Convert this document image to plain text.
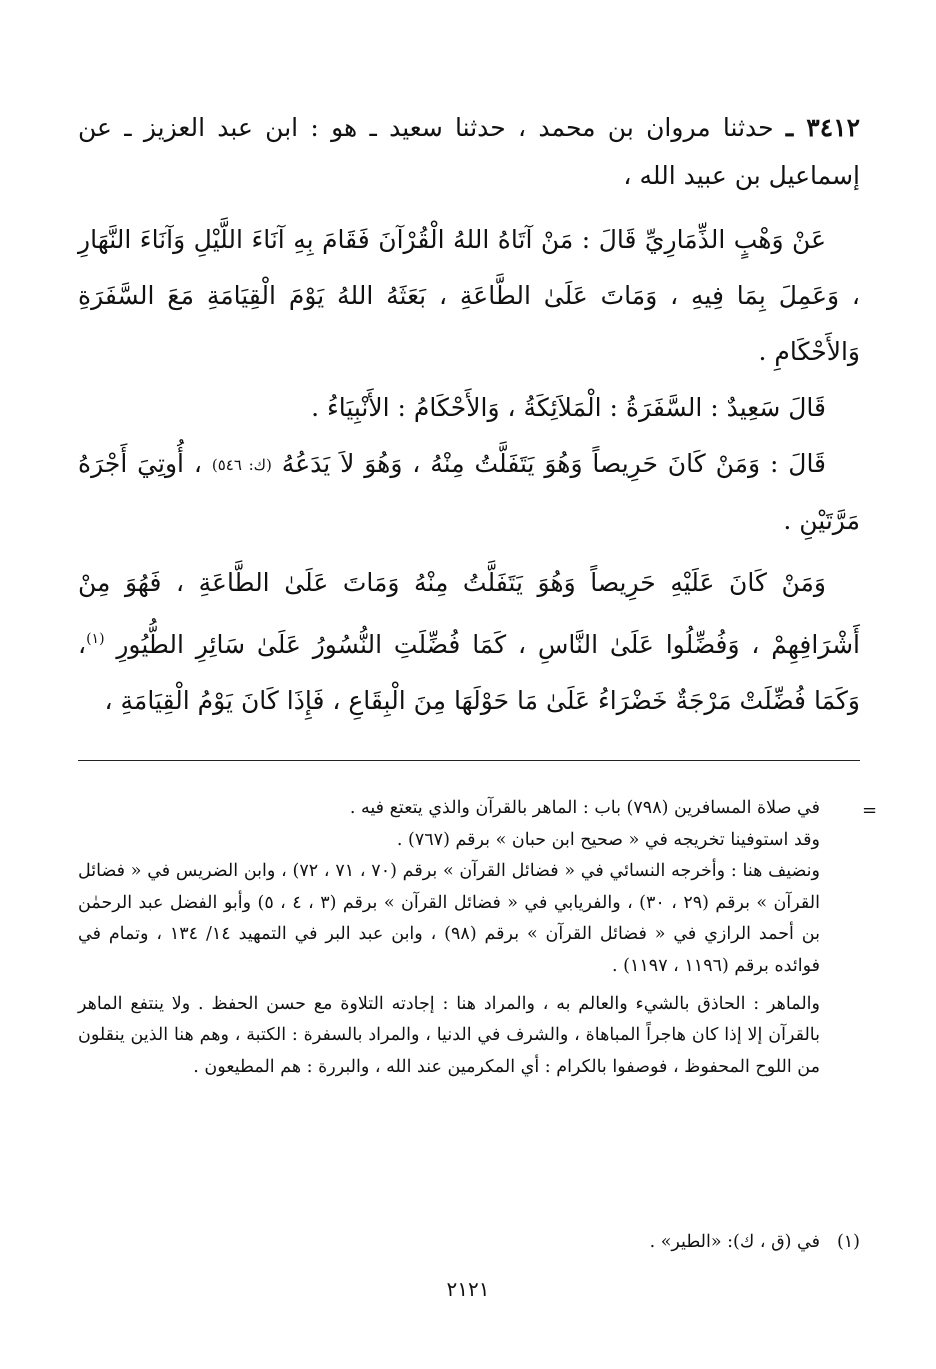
٣٤١٢ ـ حدثنا مروان بن محمد ، حدثنا سعيد ـ هو : ابن عبد العزيز ـ عن إسماعيل بن عبيد الله ،

عَنْ وَهْبٍ الذِّمَارِيِّ قَالَ : مَنْ آتَاهُ اللهُ الْقُرْآنَ فَقَامَ بِهِ آنَاءَ اللَّيْلِ وَآنَاءَ النَّهَارِ ، وَعَمِلَ بِمَا فِيهِ ، وَمَاتَ عَلَىٰ الطَّاعَةِ ، بَعَثَهُ اللهُ يَوْمَ الْقِيَامَةِ مَعَ السَّفَرَةِ وَالأَحْكَامِ .

قَالَ سَعِيدٌ : السَّفَرَةُ : الْمَلاَئِكَةُ ، وَالأَحْكَامُ : الأَنْبِيَاءُ .

قَالَ : وَمَنْ كَانَ حَرِيصاً وَهُوَ يَتَفَلَّتُ مِنْهُ ، وَهُوَ لاَ يَدَعُهُ (ك: ٥٤٦) ، أُوتِيَ أَجْرَهُ مَرَّتَيْنِ .

وَمَنْ كَانَ عَلَيْهِ حَرِيصاً وَهُوَ يَتَفَلَّتُ مِنْهُ وَمَاتَ عَلَىٰ الطَّاعَةِ ، فَهُوَ مِنْ أَشْرَافِهِمْ ، وَفُضِّلُوا عَلَىٰ النَّاسِ ، كَمَا فُضِّلَتِ النُّسُورُ عَلَىٰ سَائِرِ الطُّيُورِ $^{(١)}$، وَكَمَا فُضِّلَتْ مَرْجَةٌ خَضْرَاءُ عَلَىٰ مَا حَوْلَهَا مِنَ الْبِقَاعِ ، فَإِذَا كَانَ يَوْمُ الْقِيَامَةِ ،

=

في صلاة المسافرين (٧٩٨) باب : الماهر بالقرآن والذي يتعتع فيه .

وقد استوفينا تخريجه في « صحيح ابن حبان » برقم (٧٦٧) .

ونضيف هنا : وأخرجه النسائي في « فضائل القرآن » برقم (٧٠ ، ٧١ ، ٧٢) ، وابن الضريس في « فضائل القرآن » برقم (٢٩ ، ٣٠) ، والفريابي في « فضائل القرآن » برقم (٣ ، ٤ ، ٥) وأبو الفضل عبد الرحمٰن بن أحمد الرازي في « فضائل القرآن » برقم (٩٨) ، وابن عبد البر في التمهيد ١٤/ ١٣٤ ، وتمام في فوائده برقم (١١٩٦ ، ١١٩٧) .

والماهر : الحاذق بالشيء والعالم به ، والمراد هنا : إجادته التلاوة مع حسن الحفظ . ولا ينتفع الماهر بالقرآن إلا إذا كان هاجراً المباهاة ، والشرف في الدنيا ، والمراد بالسفرة : الكتبة ، وهم هنا الذين ينقلون من اللوح المحفوظ ، فوصفوا بالكرام : أي المكرمين عند الله ، والبررة : هم المطيعون .

(١)في (ق ، ك): «الطير» .
٢١٢١
